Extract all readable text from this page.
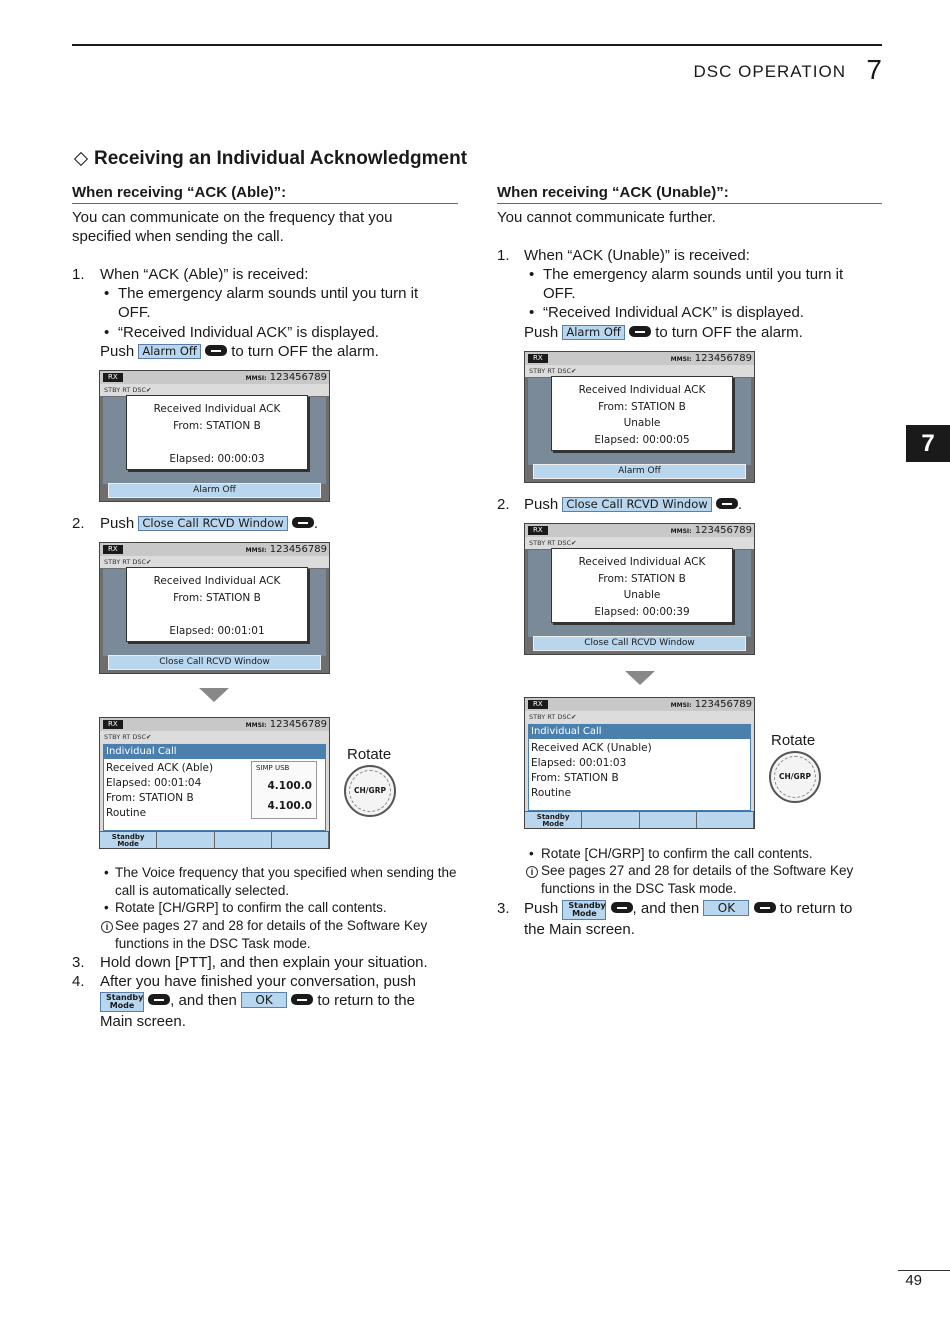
DSC OPERATION 7
7
Receiving an Individual Acknowledgment
When receiving “ACK (Able)”:
You can communicate on the frequency that you specified when sending the call.
1. When “ACK (Able)” is received:
• The emergency alarm sounds until you turn it OFF.
• “Received Individual ACK” is displayed.
Push Alarm Off to turn OFF the alarm.
RX	MMSI: 123456789
STBY RT DSC✔
Received Individual ACK
From: STATION B

Elapsed: 00:00:03
Alarm Off
2. Push Close Call RCVD Window .
RX	MMSI: 123456789
STBY RT DSC✔
Received Individual ACK
From: STATION B

Elapsed: 00:01:01
Close Call RCVD Window
RX	MMSI: 123456789
STBY RT DSC✔
Individual Call
Received ACK (Able)
Elapsed: 00:01:04
From: STATION B
Routine
SIMP USB
4.100.0
4.100.0
Standby Mode
Rotate
CH/GRP
• The Voice frequency that you specified when sending the call is automatically selected.
• Rotate [CH/GRP] to confirm the call contents.
i See pages 27 and 28 for details of the Software Key functions in the DSC Task mode.
3. Hold down [PTT], and then explain your situation.
4. After you have finished your conversation, push
Standby Mode , and then OK	to return to the Main screen.
When receiving “ACK (Unable)”:
You cannot communicate further.
1. When “ACK (Unable)” is received:
• The emergency alarm sounds until you turn it OFF.
• “Received Individual ACK” is displayed.
Push Alarm Off to turn OFF the alarm.
RX	MMSI: 123456789
STBY RT DSC✔
Received Individual ACK
From: STATION B
Unable
Elapsed: 00:00:05
Alarm Off
2. Push Close Call RCVD Window .
RX	MMSI: 123456789
STBY RT DSC✔
Received Individual ACK
From: STATION B
Unable
Elapsed: 00:00:39
Close Call RCVD Window
RX	MMSI: 123456789
STBY RT DSC✔
Individual Call
Received ACK (Unable)
Elapsed: 00:01:03
From: STATION B
Routine
Standby Mode
Rotate
CH/GRP
• Rotate [CH/GRP] to confirm the call contents.
i See pages 27 and 28 for details of the Software Key functions in the DSC Task mode.
3. Push Standby Mode , and then OK	to return to the Main screen.
49
